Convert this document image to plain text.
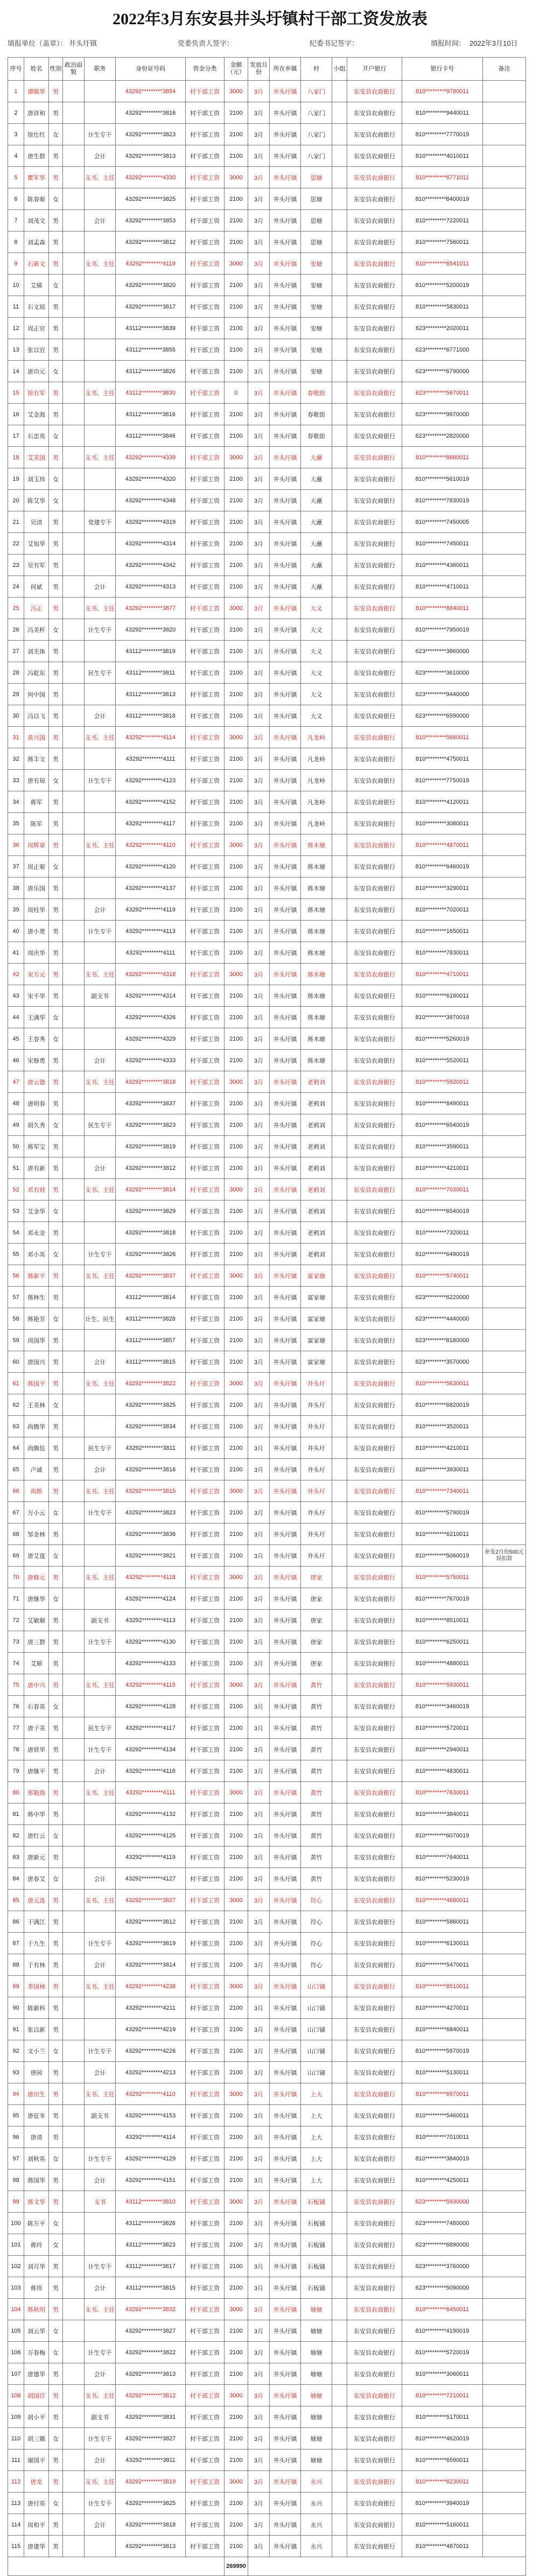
2022年3月东安县井头圩镇村干部工资发放表
填报单位（盖章）： 井头圩镇	党委负责人签字：	纪委书记签字：	填报时间： 2022年3月10日
序号	姓名	性别	政治面貌	职务	身份证号码	资金分类	金额（元）	发放月份	所在乡镇	村	小组	开户银行	银行卡号	备注
1	谭顺华	男			43292*********3854	村干部工资	3000	3月	井头圩镇	八家门		东安县农商银行	810*********9780011	
2	唐祥和	男			43292*********3816	村干部工资	2100	3月	井头圩镇	八家门		东安县农商银行	810*********9440011	
3	徐仕红	女		计生专干	43292*********3823	村干部工资	2100	3月	井头圩镇	八家门		东安县农商银行	810*********7770019	
4	唐生群	男		会计	43292*********3813	村干部工资	2100	3月	井头圩镇	八家门		东安县农商银行	810*********4010011	
5	瞿军华	男		支书、主任	43292*********4330	村干部工资	3000	3月	井头圩镇	思塘		东安县农商银行	810*********6771011	
6	陈春菊	女			43292*********3825	村干部工资	2100	3月	井头圩镇	思塘		东安县农商银行	810*********8400019	
7	刘茂文	男		会计	43292*********3853	村干部工资	2100	3月	井头圩镇	思塘		东安县农商银行	810*********7220011	
8	刘孟森	男			43292*********3812	村干部工资	2100	3月	井头圩镇	思塘		东安县农商银行	810*********7560011	
9	石新文	男		支书、主任	43292*********4119	村干部工资	3000	3月	井头圩镇	安塘		东安县农商银行	810*********6541011	
10	艾娣	女			43292*********3820	村干部工资	2100	3月	井头圩镇	安塘		东安县农商银行	810*********5200019	
11	石文琼	男			43292*********3817	村干部工资	2100	3月	井头圩镇	安塘		东安县农商银行	810*********5830011	
12	周正官	男			43112*********3839	村干部工资	2100	3月	井头圩镇	安塘		东安县农商银行	623*********2020011	
13	张以官	男			43112*********3855	村干部工资	2100	3月	井头圩镇	安塘		东安县农商银行	623*********6771000	
14	唐功元	女			43112*********3826	村干部工资	2100	3月	井头圩镇	安塘		东安县农商银行	623*********6790000	
15	徐有军	男		支书、主任	43112*********3830	村干部工资	0	3月	井头圩镇	春歌街		东安县农商银行	623*********5670011	
16	艾金海	男			43112*********3816	村干部工资	2100	3月	井头圩镇	春歌街		东安县农商银行	623*********9970000	
17	石忠英	女			43112*********3846	村干部工资	2100	3月	井头圩镇	春歌街		东安县农商银行	623*********2820000	
18	艾美国	男		支书、主任	43292*********4339	村干部工资	3000	3月	井头圩镇	大蘸		东安县农商银行	810*********8680011	
19	刘玉珍	女			43292*********4320	村干部工资	2100	3月	井头圩镇	大蘸		东安县农商银行	810*********5610019	
20	陈艾华	女			43292*********4348	村干部工资	2100	3月	井头圩镇	大蘸		东安县农商银行	810*********7830019	
21	吴清	男		党建专干	43292*********4319	村干部工资	2100	3月	井头圩镇	大蘸		东安县农商银行	810*********7450005	
22	艾知华	男			43292*********4314	村干部工资	2100	3月	井头圩镇	大蘸		东安县农商银行	810*********7450011	
23	吴有军	男			43292*********4342	村干部工资	2100	3月	井头圩镇	大蘸		东安县农商银行	810*********4360011	
24	何斌	男		会计	43292*********4313	村干部工资	2100	3月	井头圩镇	大蘸		东安县农商银行	810*********4710011	
25	冯正	男		支书、主任	43292*********3877	村干部工资	3000	3月	井头圩镇	大义		东安县农商银行	810*********8840011	
26	冯美杯	女		计生专干	43292*********3820	村干部工资	2100	3月	井头圩镇	大义		东安县农商银行	810*********7950019	
27	刘光体	男			43112*********3819	村干部工资	2100	3月	井头圩镇	大义		东安县农商银行	623*********3860000	
28	冯乾东	男		民生专干	43112*********3811	村干部工资	2100	3月	井头圩镇	大义		东安县农商银行	623*********3610000	
29	何中国	男			43112*********3813	村干部工资	2100	3月	井头圩镇	大义		东安县农商银行	623*********9440000	
30	冯以飞	男		会计	43112*********3818	村干部工资	2100	3月	井头圩镇	大义		东安县农商银行	623*********6590000	
31	黄兴国	男		支书、主任	43292*********4114	村干部工资	3000	3月	井头圩镇	凡龙岭		东安县农商银行	810*********5660011	
32	蒋丰文	男			43292*********4111	村干部工资	2100	3月	井头圩镇	凡龙岭		东安县农商银行	810*********4750011	
33	唐有琼	女		计生专干	43292*********4123	村干部工资	2100	3月	井头圩镇	凡龙岭		东安县农商银行	810*********7750019	
34	蒋军	男			43292*********4152	村干部工资	2100	3月	井头圩镇	凡龙岭		东安县农商银行	810*********4120011	
35	陈军	男			43292*********4117	村干部工资	2100	3月	井头圩镇	凡龙岭		东安县农商银行	810*********3080011	
36	周辉章	男		支书、主任	43292*********4110	村干部工资	3000	3月	井头圩镇	蒋木塘		东安县农商银行	810*********4870011	
37	周正菊	女			43292*********4120	村干部工资	2100	3月	井头圩镇	蒋木塘		东安县农商银行	810*********6460019	
38	唐乐国	男			43292*********4137	村干部工资	2100	3月	井头圩镇	蒋木塘		东安县农商银行	810*********3290011	
39	周柱华	男		会计	43292*********4119	村干部工资	2100	3月	井头圩镇	蒋木塘		东安县农商银行	810*********7020011	
40	唐小勇	男		计生专干	43292*********4113	村干部工资	2100	3月	井头圩镇	蒋木塘		东安县农商银行	810*********1650011	
41	周庆华	男			43292*********4111	村干部工资	2100	3月	井头圩镇	蒋木塘		东安县农商银行	810*********7830011	
42	宋万元	男		支书、主任	43292*********4318	村干部工资	3000	3月	井头圩镇	蒋木塘		东安县农商银行	810*********4710011	
43	宋平华	男		副支书	43292*********4314	村干部工资	2100	3月	井头圩镇	蒋木塘		东安县农商银行	810*********6160011	
44	王满华	女			43292*********4326	村干部工资	2100	3月	井头圩镇	蒋木塘		东安县农商银行	810*********3970019	
45	王春秀	女			43292*********4329	村干部工资	2100	3月	井头圩镇	蒋木塘		东安县农商银行	810*********5260019	
46	宋修勇	男		会计	43292*********4333	村干部工资	2100	3月	井头圩镇	蒋木塘		东安县农商银行	810*********5520011	
47	唐云德	男		支书、主任	43292*********3818	村干部工资	3000	3月	井头圩镇	老鸦刘		东安县农商银行	810*********5920011	
48	唐明春	男			43292*********3837	村干部工资	2100	3月	井头圩镇	老鸦刘		东安县农商银行	810*********8490011	
49	胡久秀	女		民生专干	43292*********3823	村干部工资	2100	3月	井头圩镇	老鸦刘		东安县农商银行	810*********6540019	
50	蒋军宝	男			43292*********3819	村干部工资	2100	3月	井头圩镇	老鸦刘		东安县农商银行	810*********3590011	
51	唐有新	男		会计	43292*********3812	村干部工资	2100	3月	井头圩镇	老鸦刘		东安县农商银行	810*********4210011	
52	邓有财	男		支书、主任	43292*********3814	村干部工资	3000	3月	井头圩镇	老鸦刘		东安县农商银行	810*********7030011	
53	艾金华	女			43292*********3829	村干部工资	2100	3月	井头圩镇	老鸦刘		东安县农商银行	810*********6540019	
54	邓永金	男			43292*********3818	村干部工资	2100	3月	井头圩镇	老鸦刘		东安县农商银行	810*********7320011	
55	邓小英	女		计生专干	43292*********3826	村干部工资	2100	3月	井头圩镇	老鸦刘		东安县农商银行	810*********6490019	
56	蒋新平	男		支书、主任	43292*********3837	村干部工资	3000	3月	井头圩镇	富家塘		东安县农商银行	810*********5740011	
57	蒋林生	男			43112*********3814	村干部工资	2100	3月	井头圩镇	富家塘		东安县农商银行	623*********6220000	
58	蒋艳芳	女		计生、民生	43112*********3828	村干部工资	2100	3月	井头圩镇	富家塘		东安县农商银行	623*********4440000	
59	周国华	男			43112*********3857	村干部工资	2100	3月	井头圩镇	富家塘		东安县农商银行	623*********8180000	
60	唐国兴	男		会计	43112*********3815	村干部工资	2100	3月	井头圩镇	富家塘		东安县农商银行	623*********3570000	
61	蒋国平	男		支书、主任	43292*********3822	村干部工资	3000	3月	井头圩镇	井头圩		东安县农商银行	810*********5630011	
62	王美林	女			43292*********3825	村干部工资	2100	3月	井头圩镇	井头圩		东安县农商银行	810*********6820019	
63	尚腾华	男			43292*********3834	村干部工资	2100	3月	井头圩镇	井头圩		东安县农商银行	810*********3520011	
64	尚腾伍	男		民生专干	43292*********3811	村干部工资	2100	3月	井头圩镇	井头圩		东安县农商银行	810*********4210011	
65	卢诚	男		会计	43292*********3816	村干部工资	2100	3月	井头圩镇	井头圩		东安县农商银行	810*********3930011	
66	尚斯	男		支书、主任	43292*********3815	村干部工资	3000	3月	井头圩镇	井头圩		东安县农商银行	810*********7340011	
67	万小云	女		计生专干	43292*********3823	村干部工资	2100	3月	井头圩镇	井头圩		东安县农商银行	810*********5790019	
68	邹金林	男			43292*********3836	村干部工资	2100	3月	井头圩镇	井头圩		东安县农商银行	810*********6210011	
69	唐艾莲	女			43292*********3821	村干部工资	2100	3月	井头圩镇	井头圩		东安县农商银行	810*********5060019	补发2月份500元误扣款
70	唐修元	男		支书、主任	43292*********4118	村干部工资	3000	3月	井头圩镇	唐家		东安县农商银行	810*********5750011	
71	唐继华	女			43292*********4124	村干部工资	2100	3月	井头圩镇	唐家		东安县农商银行	810*********7670019	
72	艾敏顺	男		副支书	43292*********4113	村干部工资	2100	3月	井头圩镇	唐家		东安县农商银行	810*********8510011	
73	唐三群	男		计生专干	43292*********4130	村干部工资	2100	3月	井头圩镇	唐家		东安县农商银行	810*********6250011	
74	艾顺	男			43292*********4133	村干部工资	2100	3月	井头圩镇	唐家		东安县农商银行	810*********4880011	
75	唐中兴	男		支书、主任	43292*********4115	村干部工资	3000	3月	井头圩镇	黄竹		东安县农商银行	810*********5930011	
76	石春英	女			43292*********4128	村干部工资	2100	3月	井头圩镇	黄竹		东安县农商银行	810*********3460019	
77	唐子美	男		民生专干	43292*********4117	村干部工资	2100	3月	井头圩镇	黄竹		东安县农商银行	810*********5720011	
78	唐贤华	男		计生专干	43292*********4134	村干部工资	2100	3月	井头圩镇	黄竹		东安县农商银行	810*********2940011	
79	唐继平	男		会计	43292*********4116	村干部工资	2100	3月	井头圩镇	黄竹		东安县农商银行	810*********4830011	
80	郑艳海	男		支书、主任	43292*********4111	村干部工资	3000	3月	井头圩镇	黄竹		东安县农商银行	810*********7630011	
81	蒋中华	男			43292*********4132	村干部工资	2100	3月	井头圩镇	黄竹		东安县农商银行	810*********3840011	
82	唐红云	女			43292*********4125	村干部工资	2100	3月	井头圩镇	黄竹		东安县农商银行	810*********6070019	
83	唐新元	男			43292*********4119	村干部工资	2100	3月	井头圩镇	黄竹		东安县农商银行	810*********7640011	
84	唐春艾	女		会计	43292*********4127	村干部工资	2100	3月	井头圩镇	黄竹		东安县农商银行	810*********5230019	
85	唐元选	男		支书、主任	43292*********3827	村干部工资	3000	3月	井头圩镇	符心		东安县农商银行	810*********4680011	
86	于满江	男			43292*********3812	村干部工资	2100	3月	井头圩镇	符心		东安县农商银行	810*********5860011	
87	于九生	男		计生专干	43292*********3819	村干部工资	2100	3月	井头圩镇	符心		东安县农商银行	810*********6130011	
88	于有林	男		会计	43292*********3814	村干部工资	2100	3月	井头圩镇	符心		东安县农商银行	810*********5470011	
89	李国林	男		支书、主任	43292*********4238	村干部工资	3000	3月	井头圩镇	山口铺		东安县农商银行	810*********8510011	
90	陈新科	男			43292*********4211	村干部工资	2100	3月	井头圩镇	山口铺		东安县农商银行	810*********4270011	
91	张以新	男			43292*********4219	村干部工资	2100	3月	井头圩镇	山口铺		东安县农商银行	810*********6840011	
92	文小兰	女		计生专干	43292*********4226	村干部工资	2100	3月	井头圩镇	山口铺		东安县农商银行	810*********5970019	
93	唐园	男		会计	43292*********4213	村干部工资	2100	3月	井头圩镇	山口铺		东安县农商银行	810*********5130011	
94	唐田生	男		支书、主任	43292*********4110	村干部工资	3000	3月	井头圩镇	上大		东安县农商银行	810*********6970011	
95	唐征冬	男		副支书	43292*********4153	村干部工资	2100	3月	井头圩镇	上大		东安县农商银行	810*********5460011	
96	唐清	男			43292*********4114	村干部工资	2100	3月	井头圩镇	上大		东安县农商银行	810*********7010011	
97	刘秋英	女		计生专干	43292*********4129	村干部工资	2100	3月	井头圩镇	上大		东安县农商银行	810*********3840019	
98	蒋国华	男		会计	43292*********4151	村干部工资	2100	3月	井头圩镇	上大		东安县农商银行	810*********4250011	
99	蒋文华	男		支书	43112*********3810	村干部工资	3000	3月	井头圩镇	石板铺		东安县农商银行	623*********5930000	
100	陈万平	女			43112*********3826	村干部工资	2100	3月	井头圩镇	石板铺		东安县农商银行	623*********7480000	
101	蒋玲	女			43112*********3823	村干部工资	2100	3月	井头圩镇	石板铺		东安县农商银行	623*********6890000	
102	刘月华	男		计生专干	43112*********3817	村干部工资	2100	3月	井头圩镇	石板铺		东安县农商银行	623*********3760000	
103	蒋伟	男		会计	43112*********3815	村干部工资	2100	3月	井头圩镇	石板铺		东安县农商银行	623*********5090000	
104	蒋秋明	男		支书、主任	43292*********3832	村干部工资	3000	3月	井头圩镇	塘塘		东安县农商银行	810*********6450011	
105	刘云华	女			43292*********3827	村干部工资	2100	3月	井头圩镇	塘塘		东安县农商银行	810*********4190019	
106	万春梅	女		计生专干	43292*********3822	村干部工资	2100	3月	井头圩镇	塘塘		东安县农商银行	810*********5720019	
107	唐德华	男		会计	43292*********3813	村干部工资	2100	3月	井头圩镇	塘塘		东安县农商银行	810*********3060011	
108	胡国臣	男		支书、主任	43292*********3812	村干部工资	3000	3月	井头圩镇	塘塘		东安县农商银行	810*********7210011	
109	胡小平	男		副支书	43292*********3831	村干部工资	2100	3月	井头圩镇	塘塘		东安县农商银行	810*********5170011	
110	胡三娥	女		计生专干	43292*********3827	村干部工资	2100	3月	井头圩镇	塘塘		东安县农商银行	810*********4620019	
111	谢国平	男		会计	43292*********3811	村干部工资	2100	3月	井头圩镇	塘塘		东安县农商银行	810*********6590011	
112	唐龙	男		支书、主任	43292*********3819	村干部工资	3000	3月	井头圩镇	永兴		东安县农商银行	810*********6230011	
113	唐付英	女		计生专干	43292*********3825	村干部工资	2100	3月	井头圩镇	永兴		东安县农商银行	810*********3940019	
114	周和平	男		会计	43292*********3818	村干部工资	2100	3月	井头圩镇	永兴		东安县农商银行	810*********5160011	
115	唐建华	男			43292*********3813	村干部工资	2100	3月	井头圩镇	永兴		东安县农商银行	810*********4870011	
							269990							
